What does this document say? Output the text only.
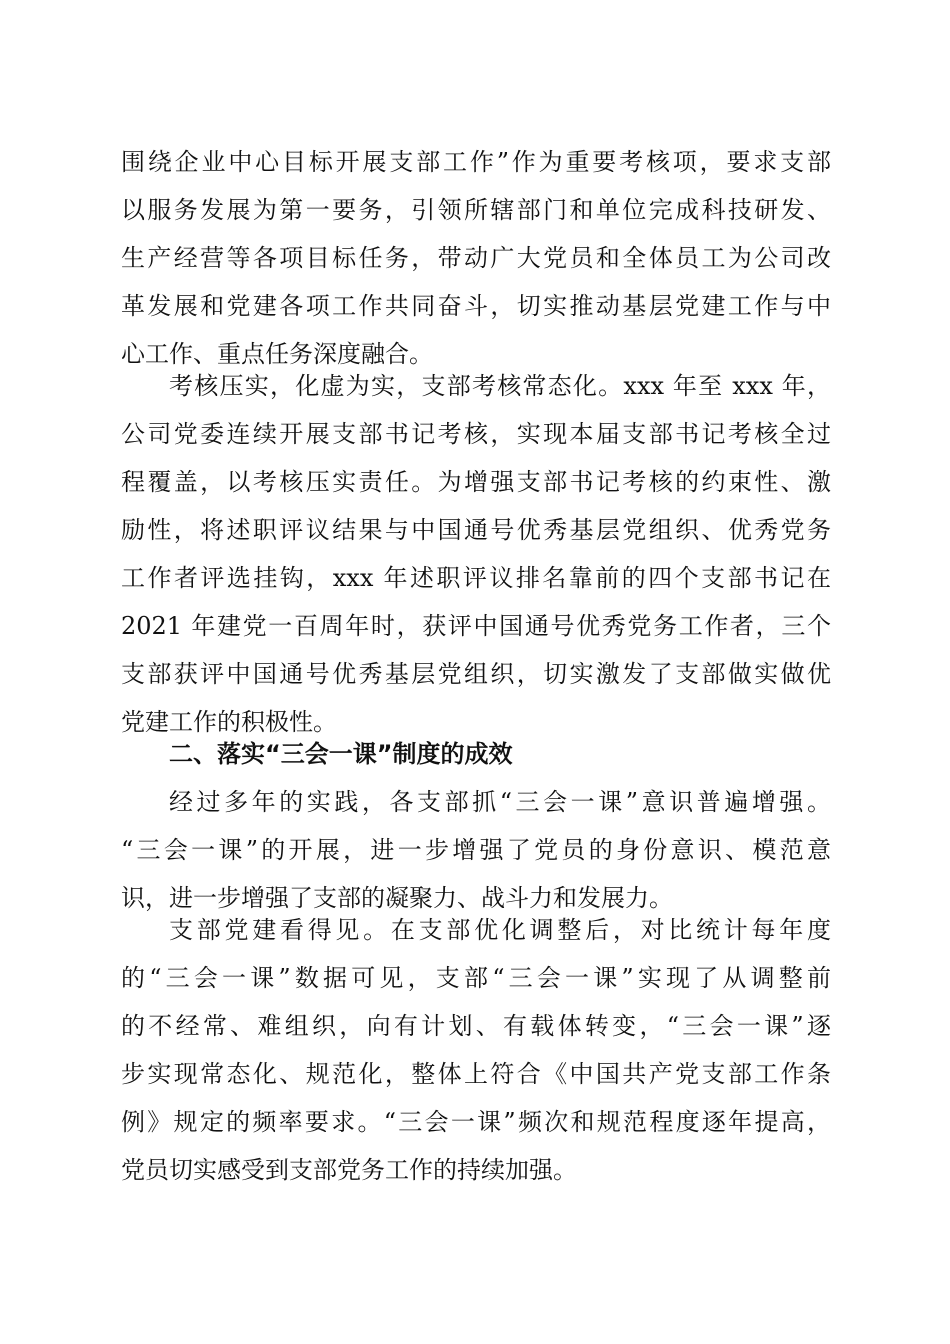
围绕企业中心目标开展支部工作”作为重要考核项，要求支部

以服务发展为第一要务，引领所辖部门和单位完成科技研发、

生产经营等各项目标任务，带动广大党员和全体员工为公司改

革发展和党建各项工作共同奋斗，切实推动基层党建工作与中

心工作、重点任务深度融合。

考核压实，化虚为实，支部考核常态化。xxx 年至 xxx 年，

公司党委连续开展支部书记考核，实现本届支部书记考核全过

程覆盖，以考核压实责任。为增强支部书记考核的约束性、激

励性，将述职评议结果与中国通号优秀基层党组织、优秀党务

工作者评选挂钩，xxx 年述职评议排名靠前的四个支部书记在

2021 年建党一百周年时，获评中国通号优秀党务工作者，三个

支部获评中国通号优秀基层党组织，切实激发了支部做实做优

党建工作的积极性。

二、落实“三会一课”制度的成效

经过多年的实践，各支部抓“三会一课”意识普遍增强。

“三会一课”的开展，进一步增强了党员的身份意识、模范意

识，进一步增强了支部的凝聚力、战斗力和发展力。

支部党建看得见。在支部优化调整后，对比统计每年度

的“三会一课”数据可见，支部“三会一课”实现了从调整前

的不经常、难组织，向有计划、有载体转变，“三会一课”逐

步实现常态化、规范化，整体上符合《中国共产党支部工作条

例》规定的频率要求。“三会一课”频次和规范程度逐年提高，

党员切实感受到支部党务工作的持续加强。
